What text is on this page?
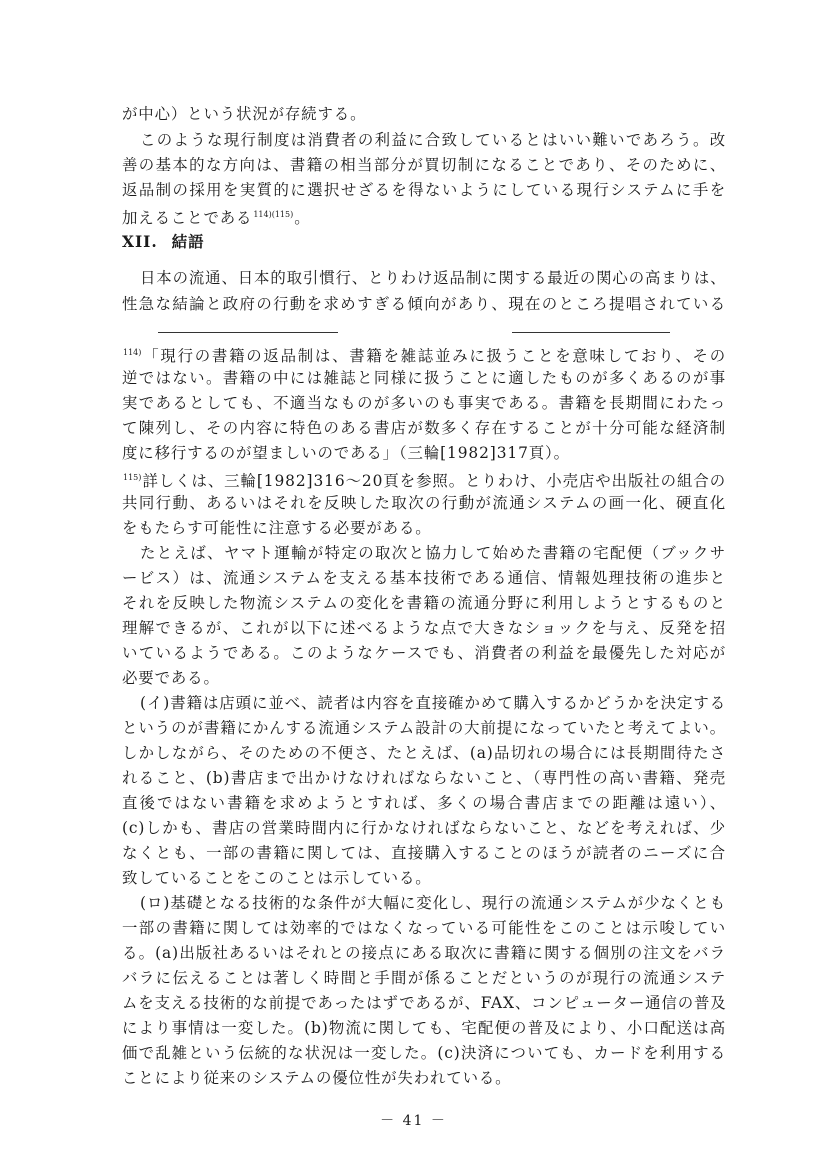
が中心）という状況が存続する。
このような現行制度は消費者の利益に合致しているとはいい難いであろう。改
善の基本的な方向は、書籍の相当部分が買切制になることであり、そのために、
返品制の採用を実質的に選択せざるを得ないようにしている現行システムに手を
加えることである$^{114)(115)}$。
XII. 結語
日本の流通、日本的取引慣行、とりわけ返品制に関する最近の関心の高まりは、
性急な結論と政府の行動を求めすぎる傾向があり、現在のところ提唱されている
$^{114)}$「現行の書籍の返品制は、書籍を雑誌並みに扱うことを意味しており、その
逆ではない。書籍の中には雑誌と同様に扱うことに適したものが多くあるのが事
実であるとしても、不適当なものが多いのも事実である。書籍を長期間にわたっ
て陳列し、その内容に特色のある書店が数多く存在することが十分可能な経済制
度に移行するのが望ましいのである」（三輪[1982]317頁）。
$^{115)}$詳しくは、三輪[1982]316～20頁を参照。とりわけ、小売店や出版社の組合の
共同行動、あるいはそれを反映した取次の行動が流通システムの画一化、硬直化
をもたらす可能性に注意する必要がある。
たとえば、ヤマト運輸が特定の取次と協力して始めた書籍の宅配便（ブックサ
ービス）は、流通システムを支える基本技術である通信、情報処理技術の進歩と
それを反映した物流システムの変化を書籍の流通分野に利用しようとするものと
理解できるが、これが以下に述べるような点で大きなショックを与え、反発を招
いているようである。このようなケースでも、消費者の利益を最優先した対応が
必要である。
(イ)書籍は店頭に並べ、読者は内容を直接確かめて購入するかどうかを決定する
というのが書籍にかんする流通システム設計の大前提になっていたと考えてよい。
しかしながら、そのための不便さ、たとえば、(a)品切れの場合には長期間待たさ
れること、(b)書店まで出かけなければならないこと、（専門性の高い書籍、発売
直後ではない書籍を求めようとすれば、多くの場合書店までの距離は遠い）、
(c)しかも、書店の営業時間内に行かなければならないこと、などを考えれば、少
なくとも、一部の書籍に関しては、直接購入することのほうが読者のニーズに合
致していることをこのことは示している。
(ロ)基礎となる技術的な条件が大幅に変化し、現行の流通システムが少なくとも
一部の書籍に関しては効率的ではなくなっている可能性をこのことは示唆してい
る。(a)出版社あるいはそれとの接点にある取次に書籍に関する個別の注文をバラ
バラに伝えることは著しく時間と手間が係ることだというのが現行の流通システ
ムを支える技術的な前提であったはずであるが、FAX、コンピューター通信の普及
により事情は一変した。(b)物流に関しても、宅配便の普及により、小口配送は高
価で乱雑という伝統的な状況は一変した。(c)決済についても、カードを利用する
ことにより従来のシステムの優位性が失われている。
－ 41 －
